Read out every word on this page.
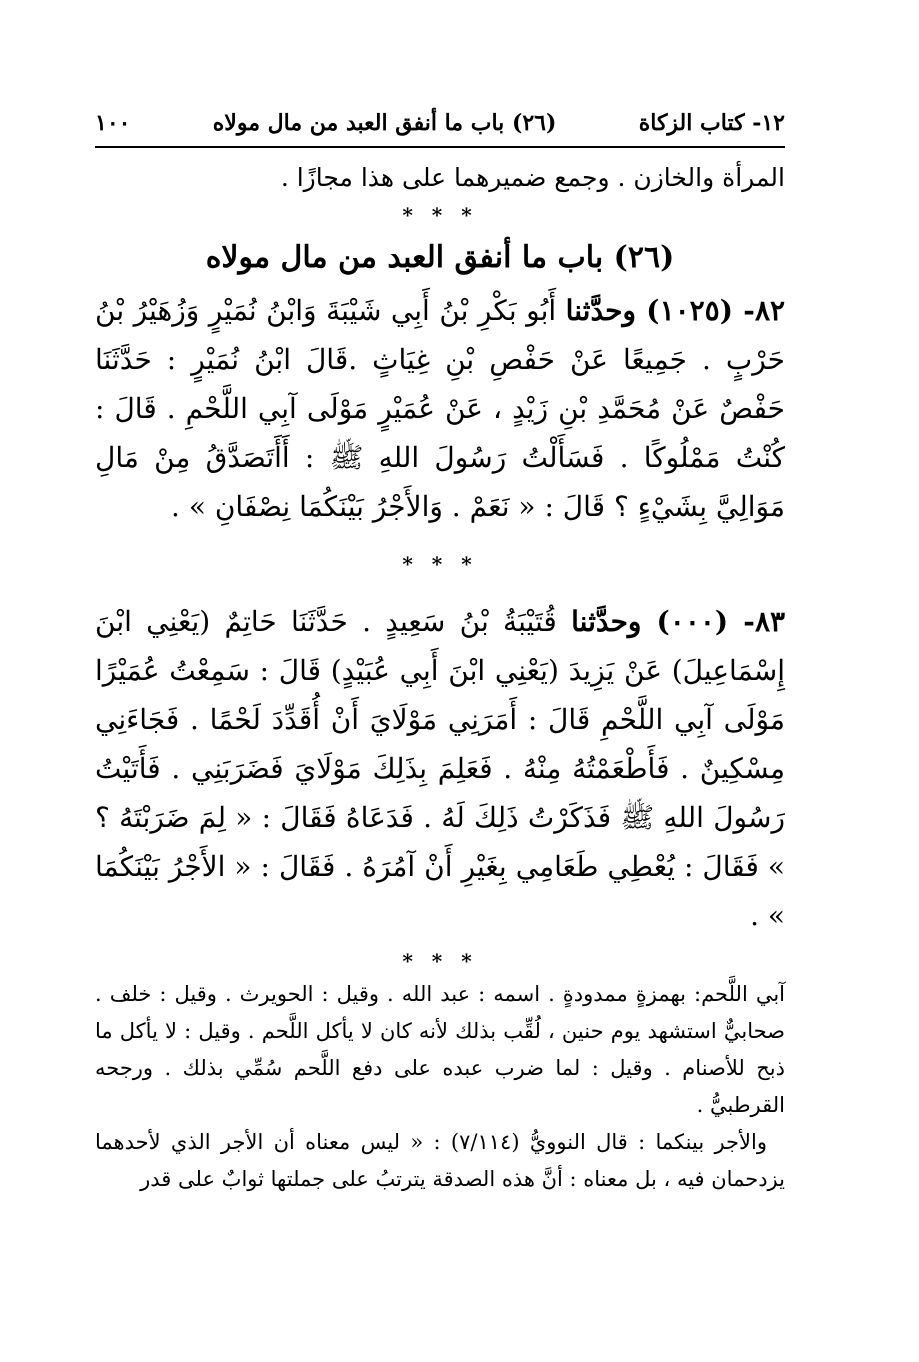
١٢- كتاب الزكاة
(٢٦) باب ما أنفق العبد من مال مولاه
١٠٠

المرأة والخازن . وجمع ضميرهما على هذا مجازًا .

* * *
(٢٦) باب ما أنفق العبد من مال مولاه

٨٢- (١٠٢٥) وحدَّثنا أَبُو بَكْرِ بْنُ أَبِي شَيْبَةَ وَابْنُ نُمَيْرٍ وَزُهَيْرُ بْنُ حَرْبٍ . جَمِيعًا عَنْ حَفْصِ بْنِ غِيَاثٍ .قَالَ ابْنُ نُمَيْرٍ : حَدَّثَنَا حَفْصٌ عَنْ مُحَمَّدِ بْنِ زَيْدٍ ، عَنْ عُمَيْرٍ مَوْلَى آبِي اللَّحْمِ . قَالَ : كُنْتُ مَمْلُوكًا . فَسَأَلْتُ رَسُولَ اللهِ ﷺ : أَأَتَصَدَّقُ مِنْ مَالِ مَوَالِيَّ بِشَيْءٍ ؟ قَالَ : « نَعَمْ . وَالأَجْرُ بَيْنَكُمَا نِصْفَانِ » .

* * *

٨٣- (٠٠٠) وحدَّثنا قُتَيْبَةُ بْنُ سَعِيدٍ . حَدَّثَنَا حَاتِمٌ (يَعْنِي ابْنَ إِسْمَاعِيلَ) عَنْ يَزِيدَ (يَعْنِي ابْنَ أَبِي عُبَيْدٍ) قَالَ : سَمِعْتُ عُمَيْرًا مَوْلَى آبِي اللَّحْمِ قَالَ : أَمَرَنِي مَوْلَايَ أَنْ أُقَدِّدَ لَحْمًا . فَجَاءَنِي مِسْكِينٌ . فَأَطْعَمْتُهُ مِنْهُ . فَعَلِمَ بِذَلِكَ مَوْلَايَ فَضَرَبَنِي . فَأَتَيْتُ رَسُولَ اللهِ ﷺ فَذَكَرْتُ ذَلِكَ لَهُ . فَدَعَاهُ فَقَالَ : « لِمَ ضَرَبْتَهُ ؟ » فَقَالَ : يُعْطِي طَعَامِي بِغَيْرِ أَنْ آمُرَهُ . فَقَالَ : « الأَجْرُ بَيْنَكُمَا » .

* * *

آبي اللَّحم: بهمزةٍ ممدودةٍ . اسمه : عبد الله . وقيل : الحويرث . وقيل : خلف . صحابيٌّ استشهد يوم حنين ، لُقِّب بذلك لأنه كان لا يأكل اللَّحم . وقيل : لا يأكل ما ذبح للأصنام . وقيل : لما ضرب عبده على دفع اللَّحم سُمِّي بذلك . ورجحه القرطبيُّ .

والأجر بينكما : قال النوويُّ (٧/١١٤) : « ليس معناه أن الأجر الذي لأحدهما يزدحمان فيه ، بل معناه : أنَّ هذه الصدقة يترتبُ على جملتها ثوابٌ على قدر
